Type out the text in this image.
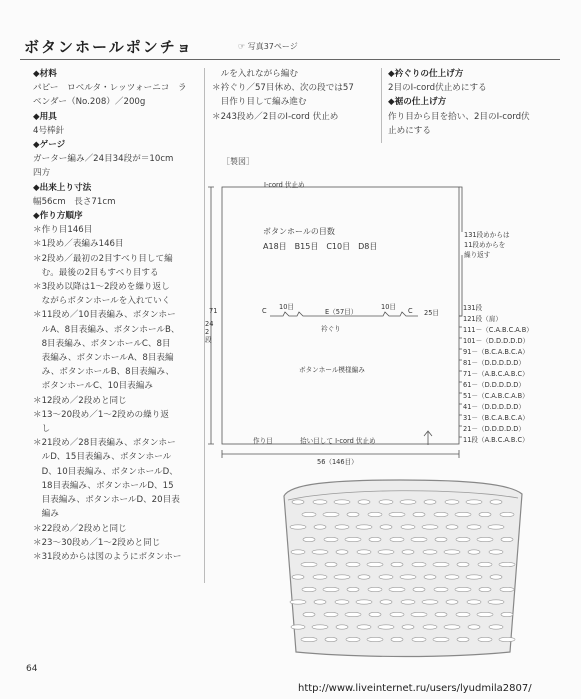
ボタンホールポンチョ	☞ 写真37ページ
◆材料
パピー　ロベルタ・レッツォーニコ　ラ
ベンダー（No.208）／200g
◆用具
4号棒針
◆ゲージ
ガーター編み／24目34段が＝10cm
四方
◆出来上り寸法
幅56cm　長さ71cm
◆作り方順序
＊作り目146目
＊1段め／表編み146目
＊2段め／最初の2目すべり目して編
　む。最後の2目もすべり目する
＊3段め以降は1～2段めを繰り返し
　ながらボタンホールを入れていく
＊11段め／10目表編み、ボタンホー
　ルA、8目表編み、ボタンホールB、
　8目表編み、ボタンホールC、8目
　表編み、ボタンホールA、8目表編
　み、ボタンホールB、8目表編み、
　ボタンホールC、10目表編み
＊12段め／2段めと同じ
＊13～20段め／1～2段めの繰り返
　し
＊21段め／28目表編み、ボタンホー
　ルD、15目表編み、ボタンホール
　D、10目表編み、ボタンホールD、
　18目表編み、ボタンホールD、15
　目表編み、ボタンホールD、20目表
　編み
＊22段め／2段めと同じ
＊23～30段め／1～2段めと同じ
＊31段めからは図のようにボタンホー
　ルを入れながら編む
＊衿ぐり／57目休め、次の段では57
　目作り目して編み進む
＊243段め／2目のI-cord 伏止め
◆衿ぐりの仕上げ方
2目のI-cord伏止めにする
◆裾の仕上げ方
作り目から目を拾い、2目のI-cord伏
止めにする
［製図］
I-cord 伏止め
ボタンホールの目数
A18目　B15目　C10目　D8目
131段めからは
11段めからを
繰り返す
C 10目
E（57目）
10目 C 25目
衿ぐり
ボタンホール模様編み
71
242段
作り目	拾い目して I-cord 伏止め
56（146目）
131段
121段（肩）
111－（C.A.B.C.A.B）
101－（D.D.D.D.D）
91－（B.C.A.B.C.A）
81－（D.D.D.D.D）
71－（A.B.C.A.B.C）
61－（D.D.D.D.D）
51－（C.A.B.C.A.B）
41－（D.D.D.D.D）
31－（B.C.A.B.C.A）
21－（D.D.D.D.D）
11段（A.B.C.A.B.C）
64
http://www.liveinternet.ru/users/lyudmila2807/
